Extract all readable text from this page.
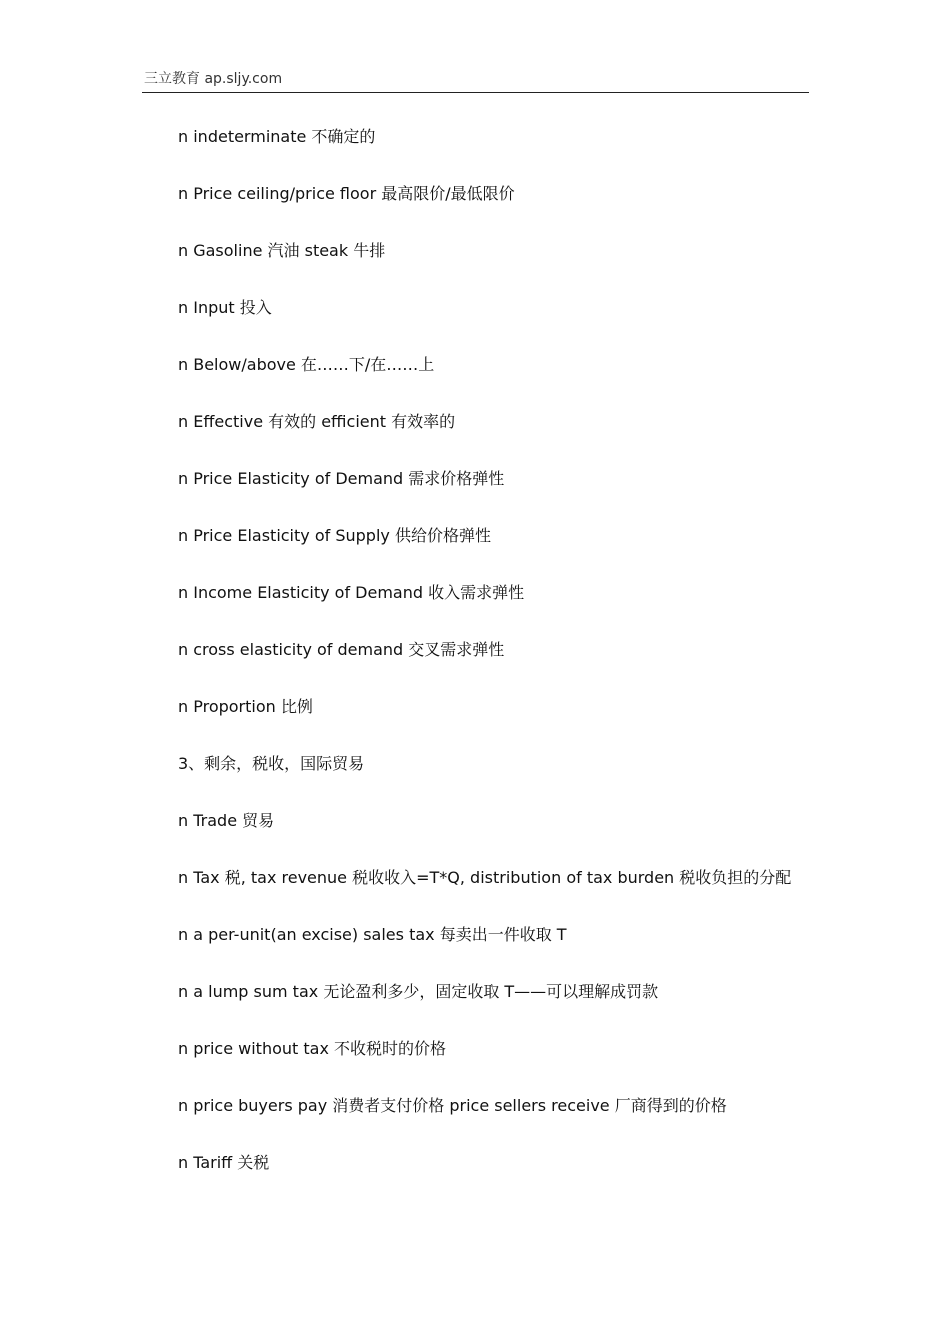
三立教育 ap.sljy.com
n indeterminate 不确定的
n Price ceiling/price floor 最高限价/最低限价
n Gasoline 汽油 steak 牛排
n Input 投入
n Below/above 在……下/在……上
n Effective 有效的 efficient 有效率的
n Price Elasticity of Demand 需求价格弹性
n Price Elasticity of Supply 供给价格弹性
n Income Elasticity of Demand 收入需求弹性
n cross elasticity of demand 交叉需求弹性
n Proportion 比例
3、剩余，税收，国际贸易
n Trade 贸易
n Tax 税, tax revenue 税收收入=T*Q, distribution of tax burden 税收负担的分配
n a per-unit(an excise) sales tax 每卖出一件收取 T
n a lump sum tax 无论盈利多少，固定收取 T——可以理解成罚款
n price without tax 不收税时的价格
n price buyers pay 消费者支付价格 price sellers receive 厂商得到的价格
n Tariff 关税
